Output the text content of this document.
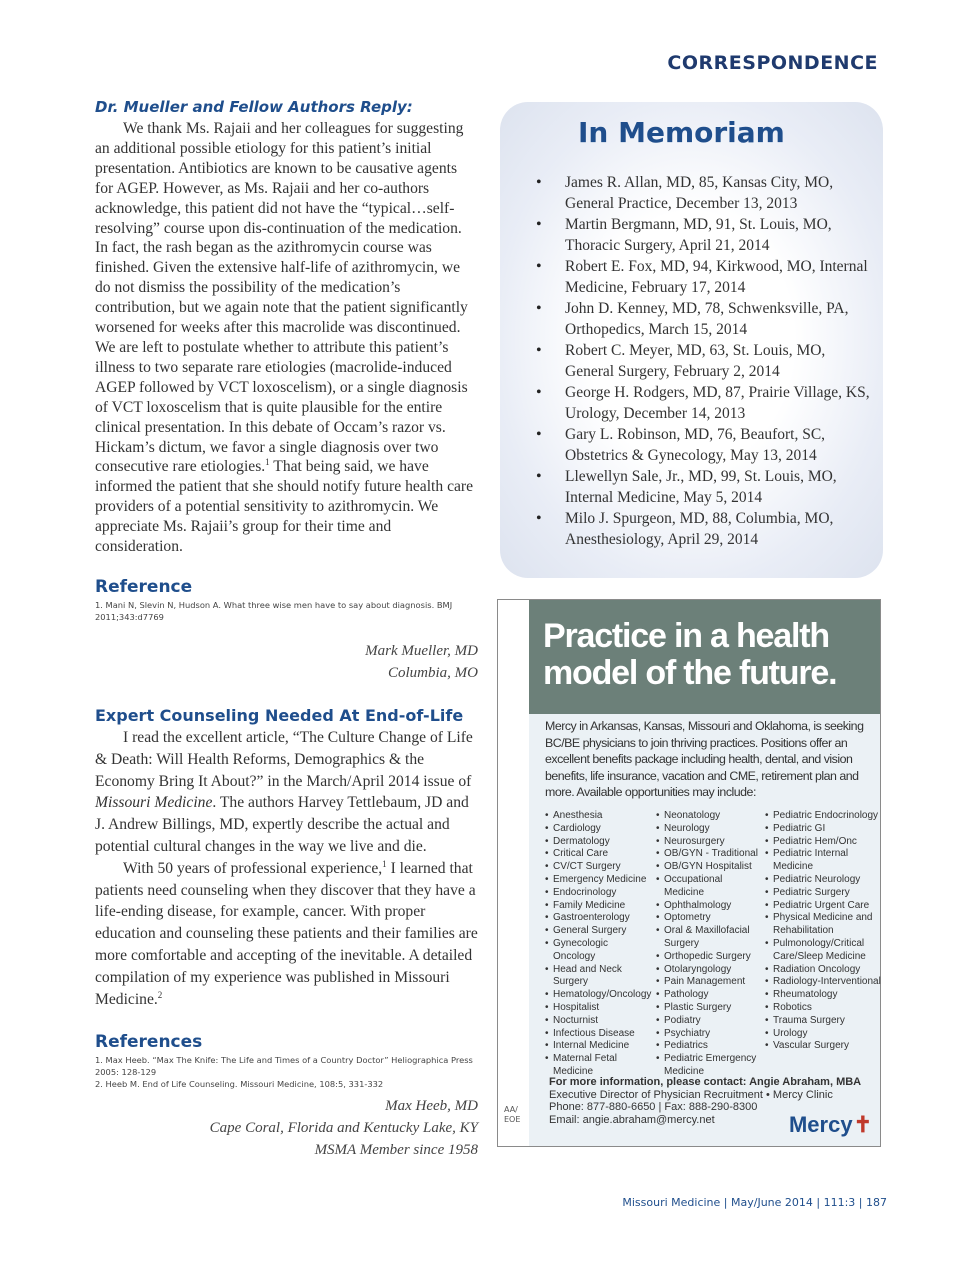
CORRESPONDENCE
Dr. Mueller and Fellow Authors Reply:

We thank Ms. Rajaii and her colleagues for suggesting an additional possible etiology for this patient’s initial presentation. Antibiotics are known to be causative agents for AGEP. However, as Ms. Rajaii and her co-authors acknowledge, this patient did not have the “typical…self-resolving” course upon dis-continuation of the medication. In fact, the rash began as the azithromycin course was finished. Given the extensive half-life of azithromycin, we do not dismiss the possibility of the medication’s contribution, but we again note that the patient significantly worsened for weeks after this macrolide was discontinued. We are left to postulate whether to attribute this patient’s illness to two separate rare etiologies (macrolide-induced AGEP followed by VCT loxoscelism), or a single diagnosis of VCT loxoscelism that is quite plausible for the entire clinical presentation. In this debate of Occam’s razor vs. Hickam’s dictum, we favor a single diagnosis over two consecutive rare etiologies.$^1$ That being said, we have informed the patient that she should notify future health care providers of a potential sensitivity to azithromycin. We appreciate Ms. Rajaii’s group for their time and consideration.

Reference
1. Mani N, Slevin N, Hudson A. What three wise men have to say about diagnosis. BMJ 2011;343:d7769
Mark Mueller, MD
Columbia, MO
Expert Counseling Needed At End-of-Life

I read the excellent article, “The Culture Change of Life & Death: Will Health Reforms, Demographics & the Economy Bring It About?” in the March/April 2014 issue of Missouri Medicine. The authors Harvey Tettlebaum, JD and J. Andrew Billings, MD, expertly describe the actual and potential cultural changes in the way we live and die.

With 50 years of professional experience,$^1$ I learned that patients need counseling when they discover that they have a life-ending disease, for example, cancer. With proper education and counseling these patients and their families are more comfortable and accepting of the inevitable. A detailed compilation of my experience was published in Missouri Medicine.$^2$

References
1. Max Heeb. “Max The Knife: The Life and Times of a Country Doctor” Heliographica Press 2005: 128-129
2. Heeb M. End of Life Counseling. Missouri Medicine, 108:5, 331-332
Max Heeb, MD
Cape Coral, Florida and Kentucky Lake, KY
MSMA Member since 1958
In Memoriam
• James R. Allan, MD, 85, Kansas City, MO, General Practice, December 13, 2013
• Martin Bergmann, MD, 91, St. Louis, MO, Thoracic Surgery, April 21, 2014
• Robert E. Fox, MD, 94, Kirkwood, MO, Internal Medicine, February 17, 2014
• John D. Kenney, MD, 78, Schwenksville, PA, Orthopedics, March 15, 2014
• Robert C. Meyer, MD, 63, St. Louis, MO, General Surgery, February 2, 2014
• George H. Rodgers, MD, 87, Prairie Village, KS, Urology, December 14, 2013
• Gary L. Robinson, MD, 76, Beaufort, SC, Obstetrics & Gynecology, May 13, 2014
• Llewellyn Sale, Jr., MD, 99, St. Louis, MO, Internal Medicine, May 5, 2014
• Milo J. Spurgeon, MD, 88, Columbia, MO, Anesthesiology, April 29, 2014
AA/
EOE
Practice in a health
model of the future.

Mercy in Arkansas, Kansas, Missouri and Oklahoma, is seeking BC/BE physicians to join thriving practices. Positions offer an excellent benefits package including health, dental, and vision benefits, life insurance, vacation and CME, retirement plan and more. Available opportunities may include:

• Anesthesia
• Cardiology
• Dermatology
• Critical Care
• CV/CT Surgery
• Emergency Medicine
• Endocrinology
• Family Medicine
• Gastroenterology
• General Surgery
• Gynecologic Oncology
• Head and Neck Surgery
• Hematology/Oncology
• Hospitalist
• Nocturnist
• Infectious Disease
• Internal Medicine
• Maternal Fetal Medicine
• Neonatology
• Neurology
• Neurosurgery
• OB/GYN - Traditional
• OB/GYN Hospitalist
• Occupational Medicine
• Ophthalmology
• Optometry
• Oral & Maxillofacial Surgery
• Orthopedic Surgery
• Otolaryngology
• Pain Management
• Pathology
• Plastic Surgery
• Podiatry
• Psychiatry
• Pediatrics
• Pediatric Emergency Medicine
• Pediatric Endocrinology
• Pediatric GI
• Pediatric Hem/Onc
• Pediatric Internal Medicine
• Pediatric Neurology
• Pediatric Surgery
• Pediatric Urgent Care
• Physical Medicine and Rehabilitation
• Pulmonology/Critical Care/Sleep Medicine
• Radiation Oncology
• Radiology-Interventional
• Rheumatology
• Robotics
• Trauma Surgery
• Urology
• Vascular Surgery
For more information, please contact: Angie Abraham, MBA
Executive Director of Physician Recruitment • Mercy Clinic
Phone: 877-880-6650 | Fax: 888-290-8300
Email: angie.abraham@mercy.net	Mercy✝
Missouri Medicine | May/June 2014 | 111:3 | 187
